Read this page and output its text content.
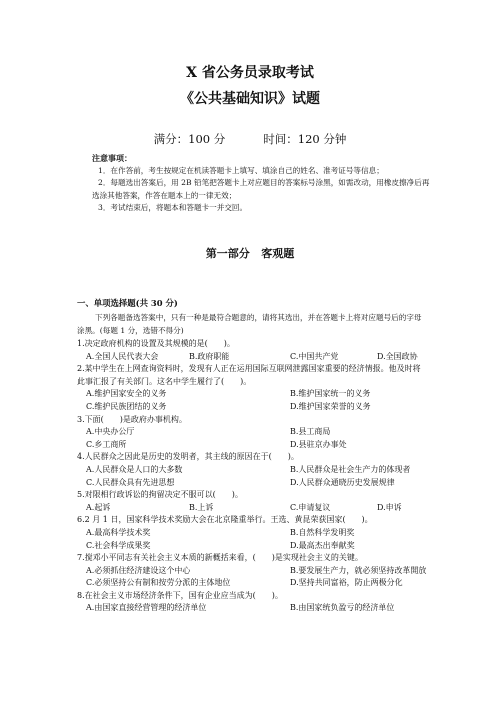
X 省公务员录取考试
《公共基础知识》试题
满分：100 分	时间：120 分钟
注意事项：
1．在作答前，考生按规定在机读答题卡上填写、填涂自己的姓名、准考证号等信息；
2．每题选出答案后，用 2B 铅笔把答题卡上对应题目的答案标号涂黑，如需改动，用橡皮擦净后再选涂其他答案，作答在题本上的一律无效；
3．考试结束后，将题本和答题卡一并交回。
第一部分 客观题
一、单项选择题(共 30 分)
下列各题备选答案中，只有一种是最符合题意的，请将其选出，并在答题卡上将对应题号后的字母涂黑。(每题 1 分，选错不得分)
1.决定政府机构的设置及其规模的是(　　)。
A.全国人民代表大会	B.政府职能	C.中国共产党	D.全国政协
2.某中学生在上网查询资料时，发现有人正在运用国际互联网泄露国家重要的经济情报。他及时将此事汇报了有关部门。这名中学生履行了(　　)。
A.维护国家安全的义务	B.维护国家统一的义务
C.维护民族团结的义务	D.维护国家荣誉的义务
3.下面(　　)是政府办事机构。
A.中央办公厅	B.县工商局
C.乡工商所	D.县驻京办事处
4.人民群众之因此是历史的发明者，其主线的原因在于(　　)。
A.人民群众是人口的大多数	B.人民群众是社会生产力的体现者
C.人民群众具有先进思想	D.人民群众通晓历史发展规律
5.对限相行政诉讼的拘留决定不服可以(　　)。
A.起诉	B.上诉	C.申请复议	D.申诉
6.2 月 1 日，国家科学技术奖励大会在北京隆重举行。王选、黄昆荣获国家(　　)。
A.最高科学技术奖	B.自然科学发明奖
C.社会科学成果奖	D.最高杰出奉献奖
7.搅邓小平同志有关社会主义本质的新概括来看，(　　)是实现社会主义的关键。
A.必须抓住经济建设这个中心	B.要发展生产力，就必须坚持改革開放
C.必须坚持公有制和按劳分派的主体地位	D.坚持共同富裕，防止两极分化
8.在社会主义市场经济条件下，国有企业应当成为(　　)。
A.由国家直接经营管理的经济单位	B.由国家统负盈亏的经济单位
